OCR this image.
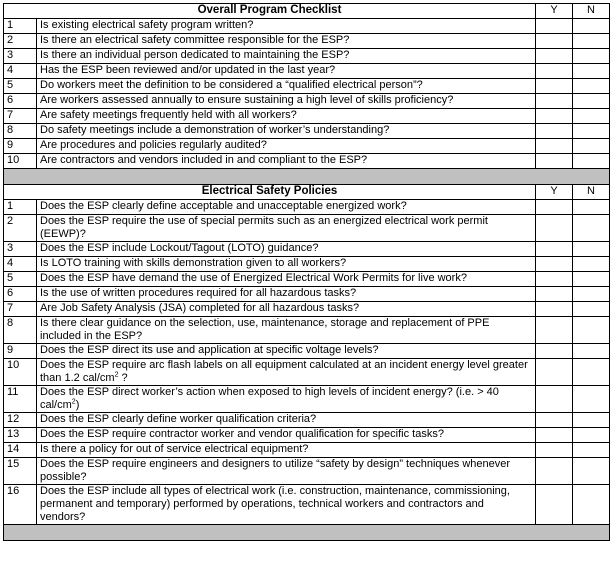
Overall Program Checklist		Y	N
1	Is existing electrical safety program written?		
2	Is there an electrical safety committee responsible for the ESP?		
3	Is there an individual person dedicated to maintaining the ESP?		
4	Has the ESP been reviewed and/or updated in the last year?		
5	Do workers meet the definition to be considered a “qualified electrical person”?		
6	Are workers assessed annually to ensure sustaining a high level of skills proficiency?		
7	Are safety meetings frequently held with all workers?		
8	Do safety meetings include a demonstration of worker’s understanding?		
9	Are procedures and policies regularly audited?		
10	Are contractors and vendors included in and compliant to the ESP?		

Electrical Safety Policies		Y	N
1	Does the ESP clearly define acceptable and unacceptable energized work?		
2	Does the ESP require the use of special permits such as an energized electrical work permit (EEWP)?		
3	Does the ESP include Lockout/Tagout (LOTO) guidance?		
4	Is LOTO training with skills demonstration given to all workers?		
5	Does the ESP have demand the use of Energized Electrical Work Permits for live work?		
6	Is the use of written procedures required for all hazardous tasks?		
7	Are Job Safety Analysis (JSA) completed for all hazardous tasks?		
8	Is there clear guidance on the selection, use, maintenance, storage and replacement of PPE included in the ESP?		
9	Does the ESP direct its use and application at specific voltage levels?		
10	Does the ESP require arc flash labels on all equipment calculated at an incident energy level greater than 1.2 cal/$cm^2$ ?		
11	Does the ESP direct worker’s action when exposed to high levels of incident energy? (i.e. > 40 cal/$cm^2$)		
12	Does the ESP clearly define worker qualification criteria?		
13	Does the ESP require contractor worker and vendor qualification for specific tasks?		
14	Is there a policy for out of service electrical equipment?		
15	Does the ESP require engineers and designers to utilize “safety by design” techniques whenever possible?		
16	Does the ESP include all types of electrical work (i.e. construction, maintenance, commissioning, permanent and temporary) performed by operations, technical workers and contractors and vendors?		
